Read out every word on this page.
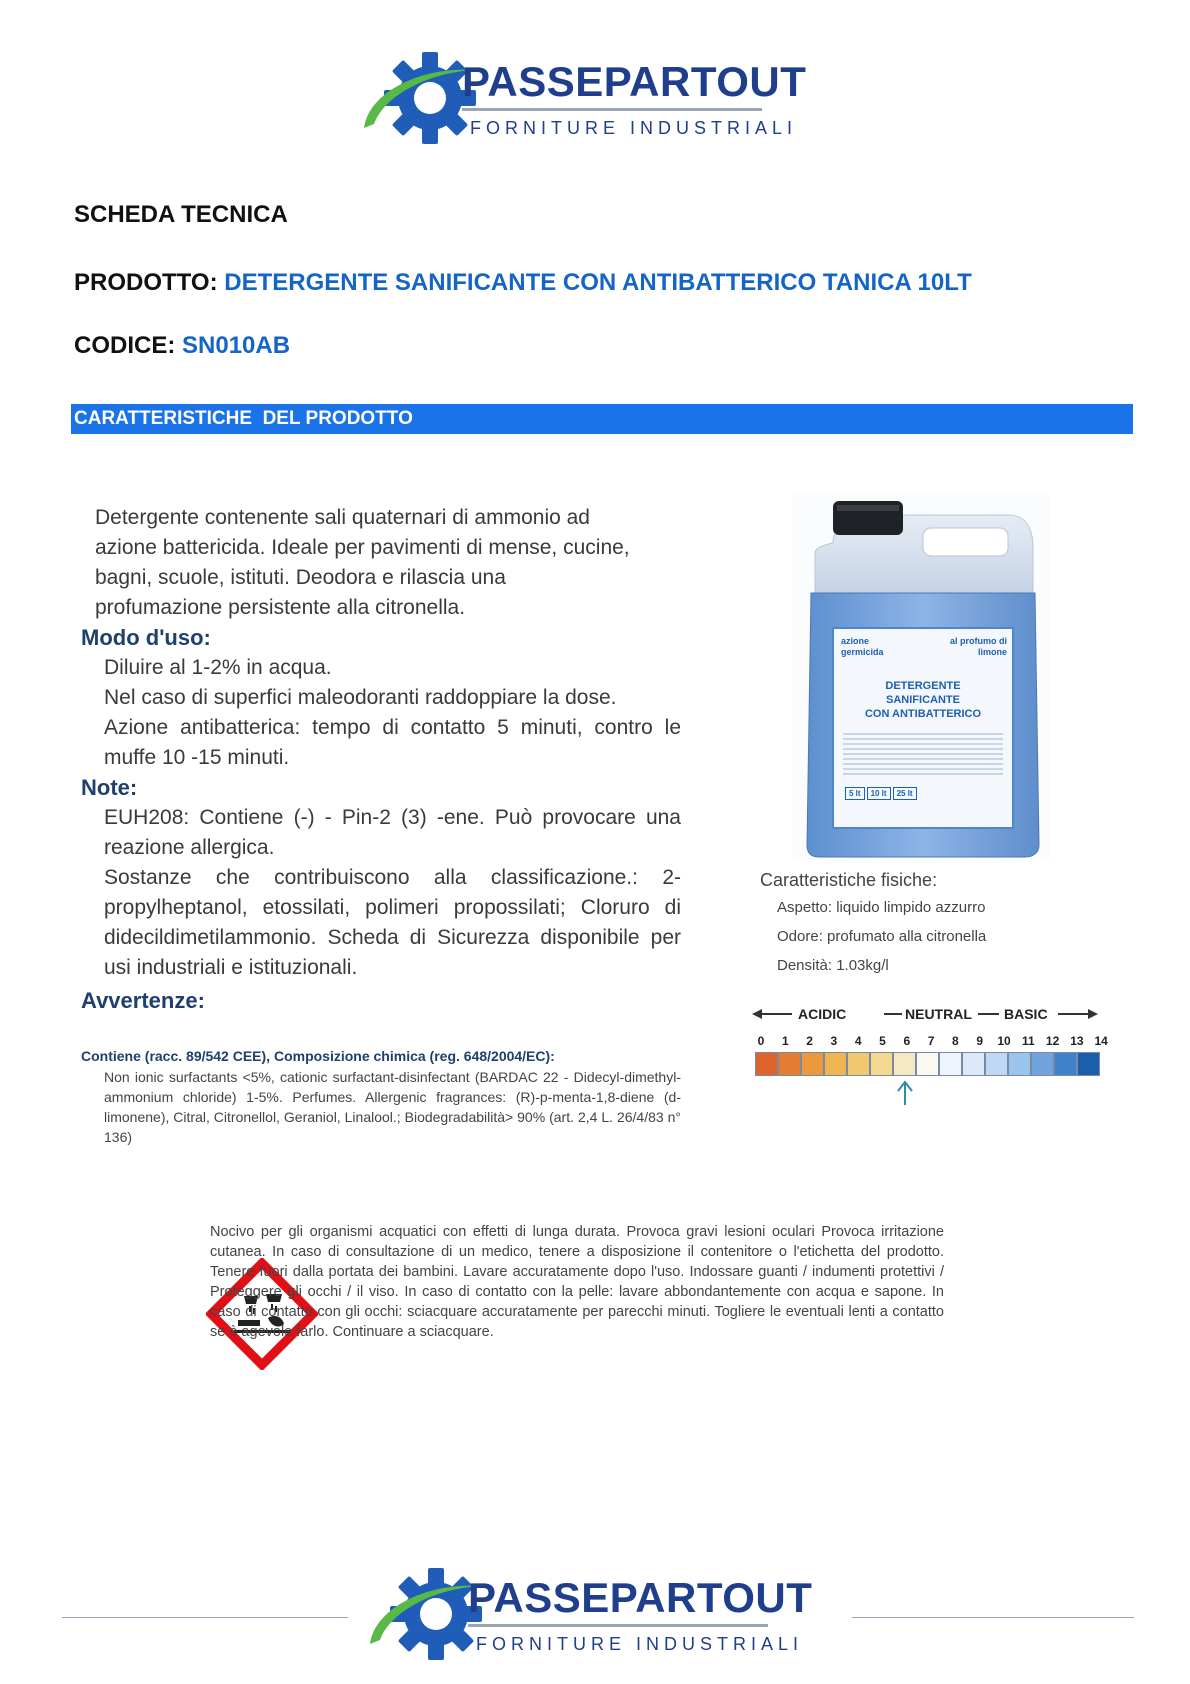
PASSEPARTOUT
FORNITURE INDUSTRIALI
SCHEDA TECNICA
PRODOTTO: DETERGENTE SANIFICANTE CON ANTIBATTERICO TANICA 10LT
CODICE: SN010AB
CARATTERISTICHE  DEL PRODOTTO

Detergente contenente sali quaternari di ammonio ad

azione battericida. Ideale per pavimenti di mense, cucine,

bagni, scuole, istituti. Deodora e rilascia una

profumazione persistente alla citronella.

Modo d'uso:
Diluire al 1-2% in acqua.
Nel caso di superfici maleodoranti raddoppiare la dose.
Azione antibatterica: tempo di contatto 5 minuti, contro le muffe 10 -15 minuti.
Note:
EUH208: Contiene (-) - Pin-2 (3) -ene. Può provocare una reazione allergica.
Sostanze che contribuiscono alla classificazione.: 2-propylheptanol, etossilati, polimeri propossilati; Cloruro di didecildimetilammonio. Scheda di Sicurezza disponibile per usi industriali e istituzionali.
Avvertenze:
Contiene (racc. 89/542 CEE), Composizione chimica (reg. 648/2004/EC):
Non ionic surfactants <5%, cationic surfactant-disinfectant (BARDAC 22 - Didecyl-dimethyl-ammonium chloride) 1-5%. Perfumes. Allergenic fragrances: (R)-p-menta-1,8-diene (d-limonene), Citral, Citronellol, Geraniol, Linalool.; Biodegradabilità> 90% (art. 2,4 L. 26/4/83 n° 136)
azione germicida
al profumo di limone
DETERGENTE
SANIFICANTE
CON ANTIBATTERICO
5 lt	10 lt	25 lt
Caratteristiche fisiche:
Aspetto: liquido limpido azzurro
Odore: profumato alla citronella
Densità: 1.03kg/l
ACIDIC	NEUTRAL BASIC
0	1	2	3	4	5	6	7	8	9	10 11 12 13 14
Nocivo per gli organismi acquatici con effetti di lunga durata. Provoca gravi lesioni oculari Provoca irritazione cutanea. In caso di consultazione di un medico, tenere a disposizione il contenitore o l'etichetta del prodotto. Tenere fuori dalla portata dei bambini. Lavare accuratamente dopo l'uso. Indossare guanti / indumenti protettivi / Proteggere gli occhi / il viso. In caso di contatto con la pelle: lavare abbondantemente con acqua e sapone. In caso di contatto con gli occhi: sciacquare accuratamente per parecchi minuti. Togliere le eventuali lenti a contatto se è agevole farlo. Continuare a sciacquare.
PASSEPARTOUT
FORNITURE INDUSTRIALI
